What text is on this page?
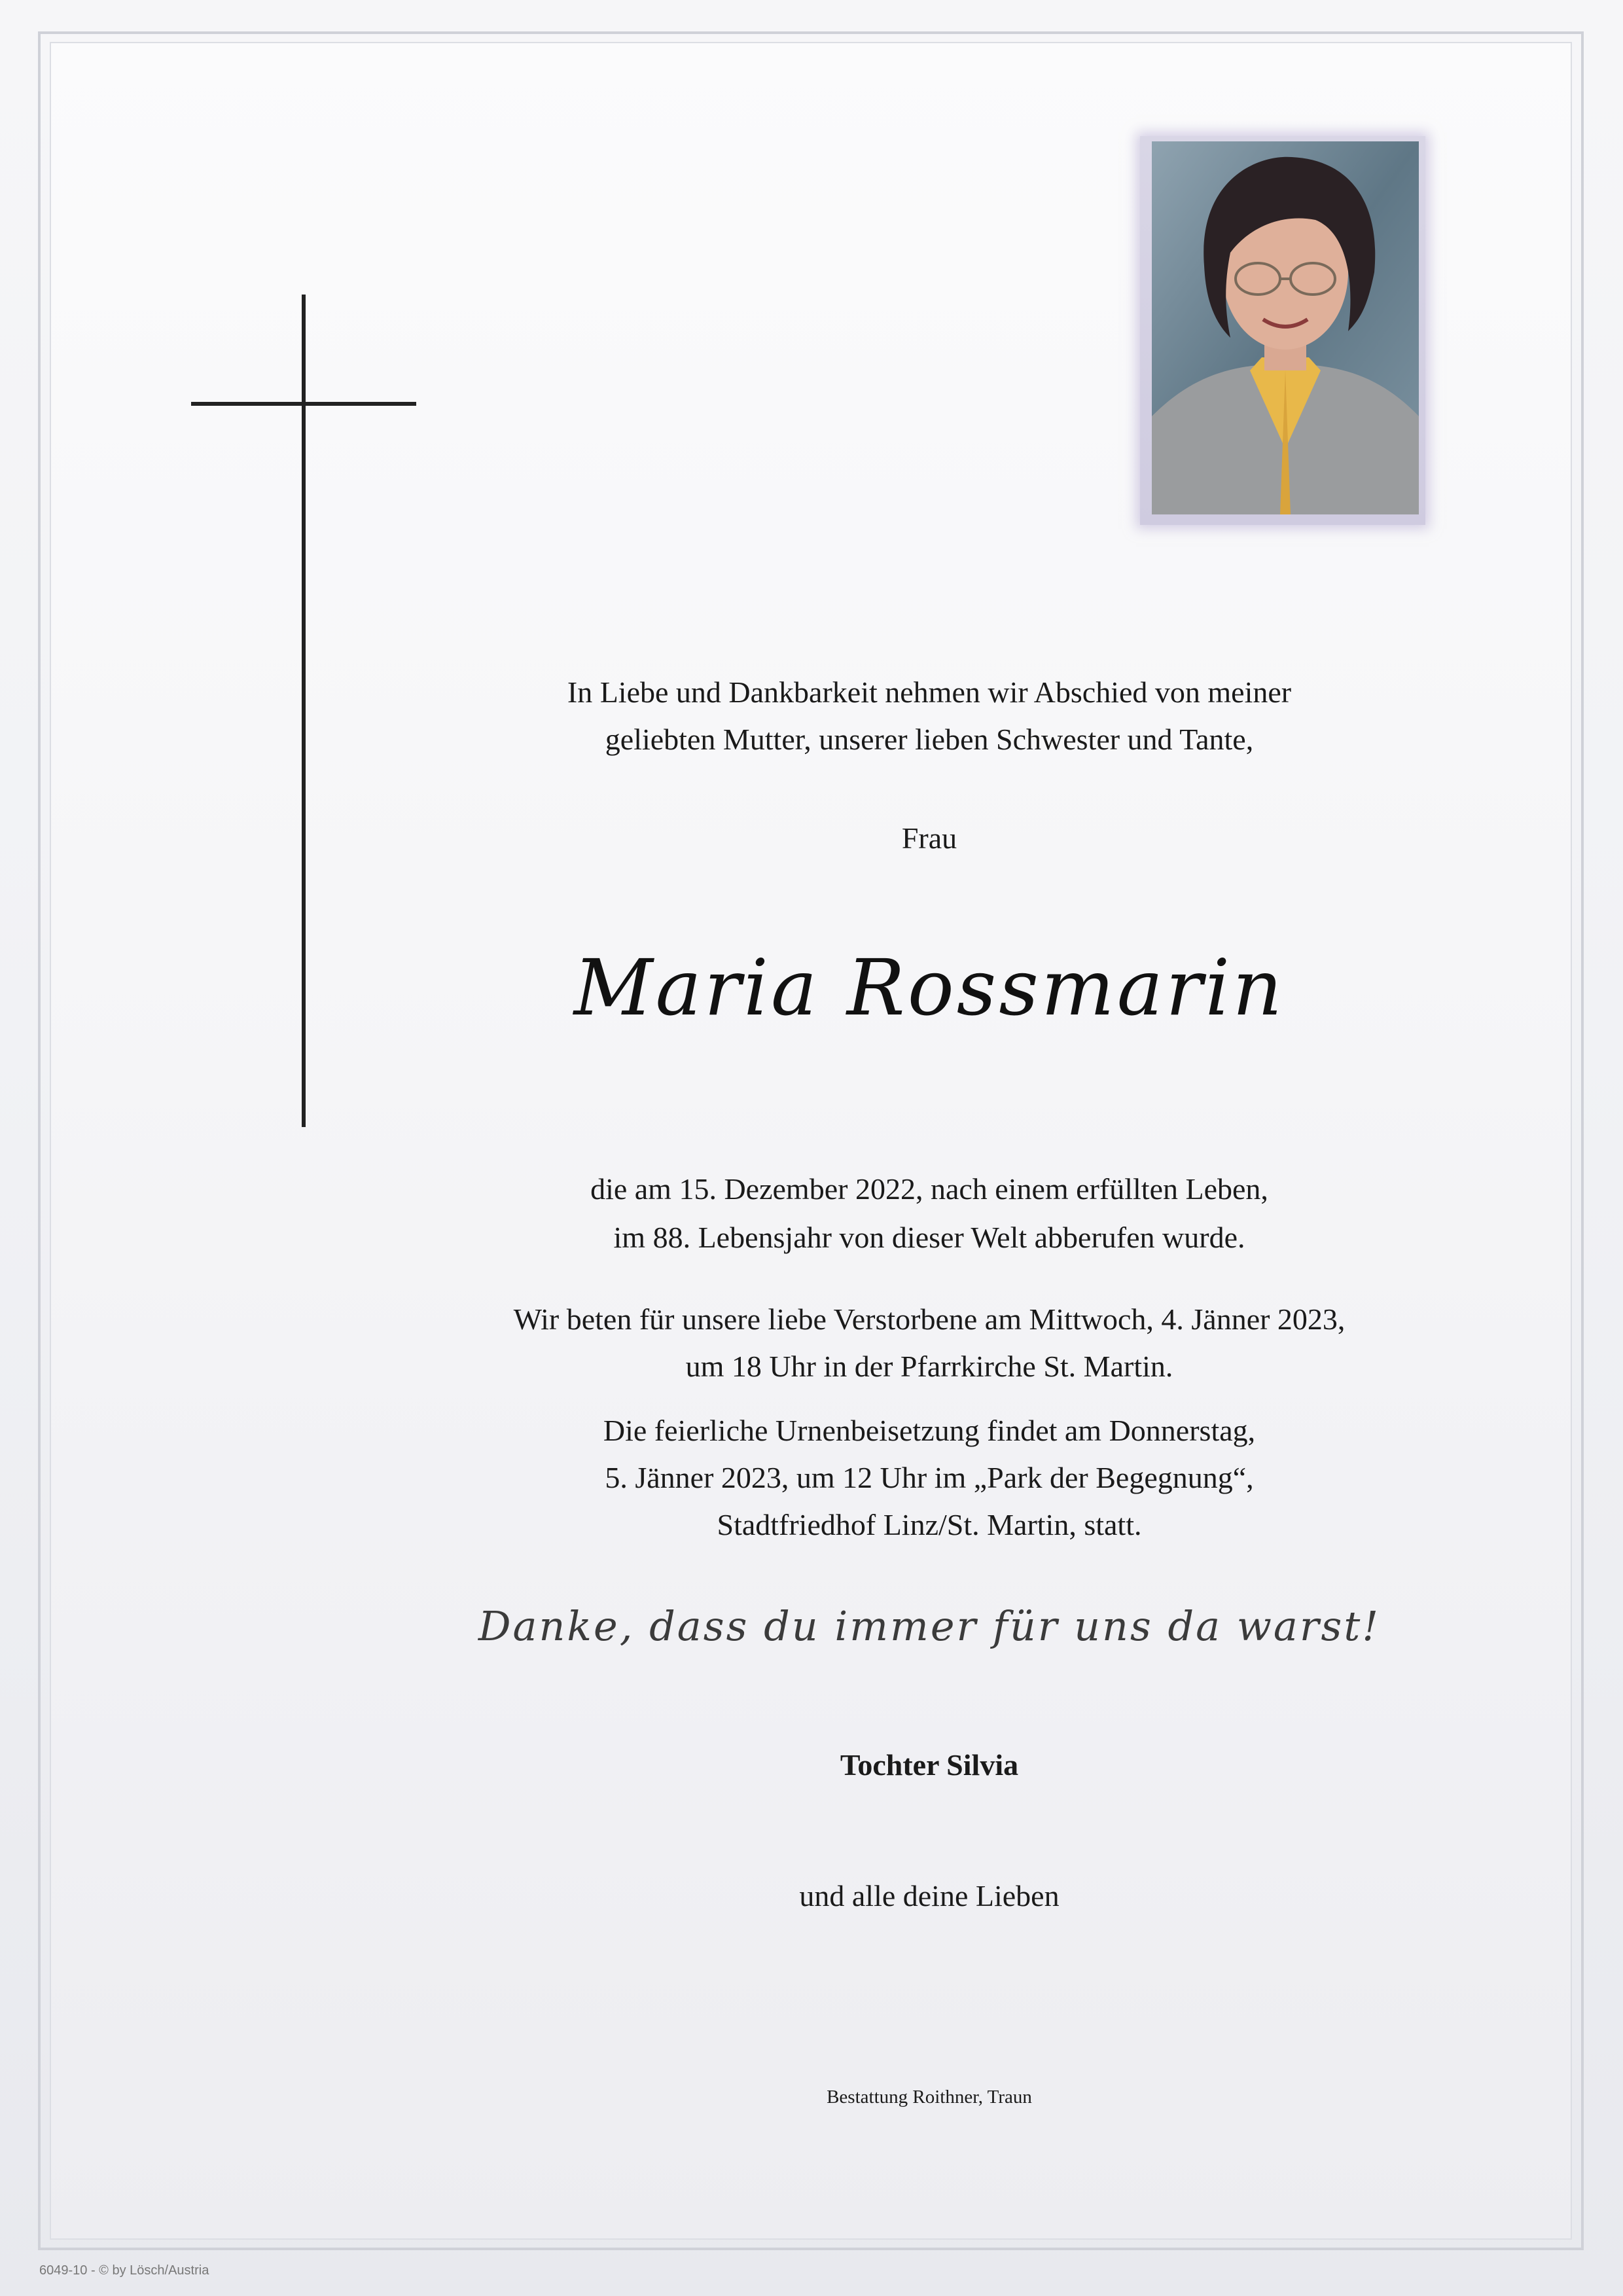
In Liebe und Dankbarkeit nehmen wir Abschied von meiner
geliebten Mutter, unserer lieben Schwester und Tante,
Frau
Maria Rossmarin
die am 15. Dezember 2022, nach einem erfüllten Leben,
im 88. Lebensjahr von dieser Welt abberufen wurde.
Wir beten für unsere liebe Verstorbene am Mittwoch, 4. Jänner 2023,
um 18 Uhr in der Pfarrkirche St. Martin.
Die feierliche Urnenbeisetzung findet am Donnerstag,
5. Jänner 2023, um 12 Uhr im „Park der Begegnung“,
Stadtfriedhof Linz/St. Martin, statt.
Danke, dass du immer für uns da warst!
Tochter Silvia
und alle deine Lieben
Bestattung Roithner, Traun
6049-10 - © by Lösch/Austria
